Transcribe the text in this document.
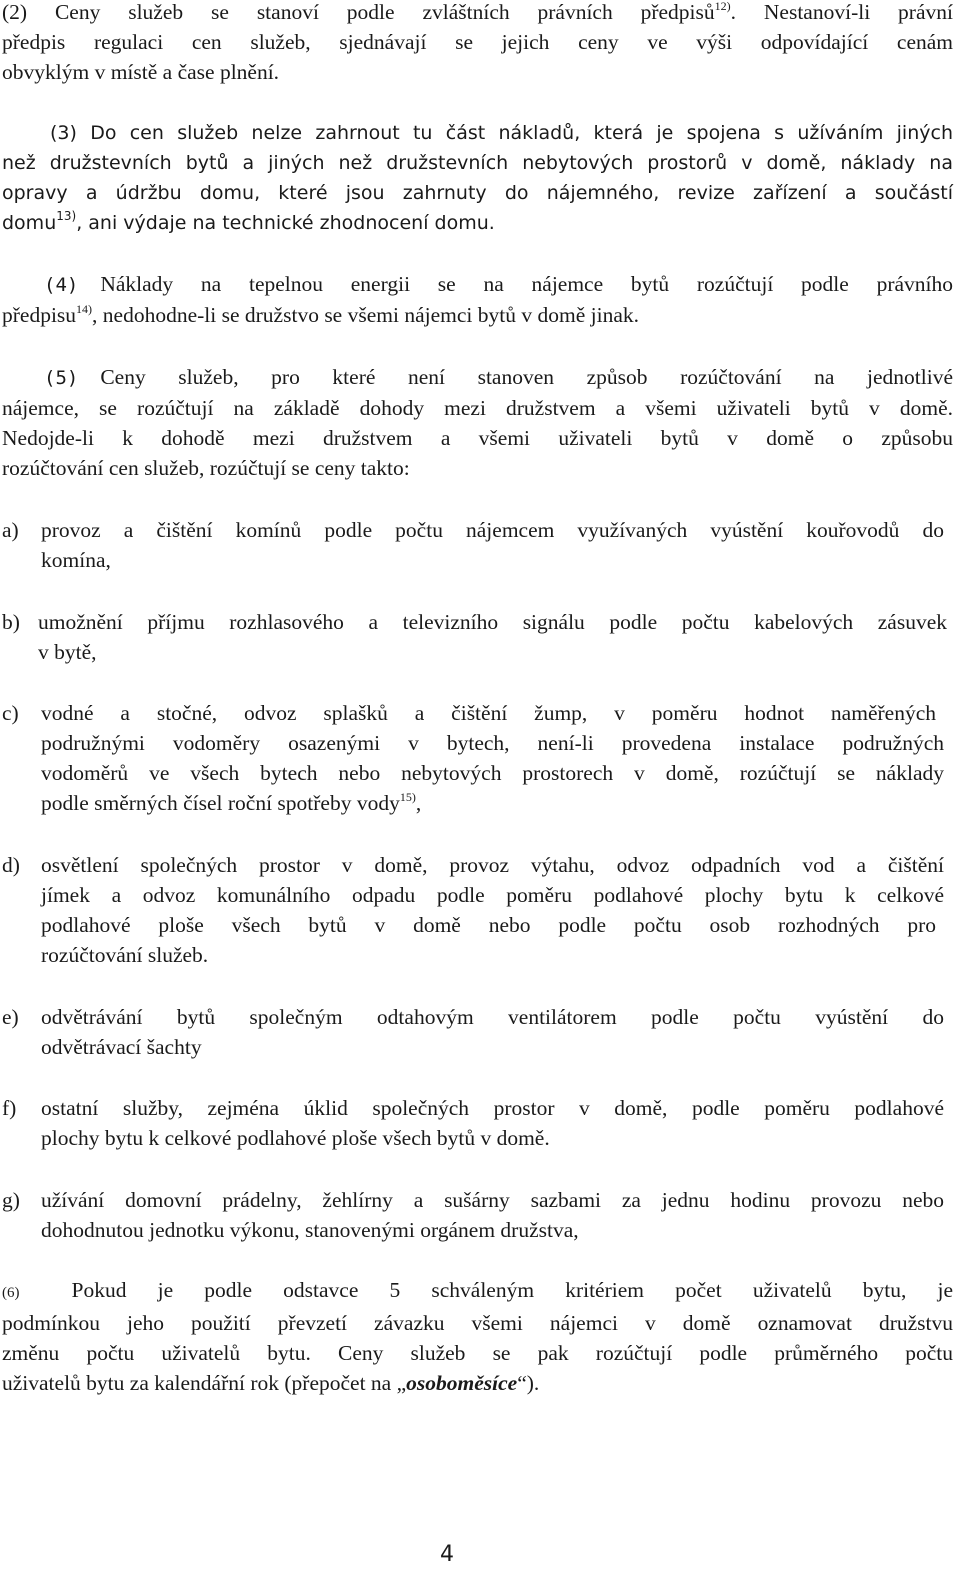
(2) Ceny služeb se stanoví podle zvláštních právních předpisů$^{12)}$. Nestanoví-li právní
předpis regulaci cen služeb, sjednávají se jejich ceny ve výši odpovídající cenám
obvyklým v místě a čase plnění.
(3) Do cen služeb nelze zahrnout tu část nákladů, která je spojena s užíváním jiných
než družstevních bytů a jiných než družstevních nebytových prostorů v domě, náklady na
opravy a údržbu domu, které jsou zahrnuty do nájemného, revize zařízení a součástí
domu$^{13)}$, ani výdaje na technické zhodnocení domu.
(4) Náklady na tepelnou energii se na nájemce bytů rozúčtují podle právního
předpisu$^{14)}$, nedohodne-li se družstvo se všemi nájemci bytů v domě jinak.
(5) Ceny služeb, pro které není stanoven způsob rozúčtování na jednotlivé
nájemce, se rozúčtují na základě dohody mezi družstvem a všemi uživateli bytů v domě.
Nedojde-li k dohodě mezi družstvem a všemi uživateli bytů v domě o způsobu
rozúčtování cen služeb, rozúčtují se ceny takto:
a) provoz a čištění komínů podle počtu nájemcem využívaných vyústění kouřovodů do
komína,
b) umožnění příjmu rozhlasového a televizního signálu podle počtu kabelových zásuvek
v bytě,
c) vodné a stočné, odvoz splašků a čištění žump, v poměru hodnot naměřených
podružnými vodoměry osazenými v bytech, není-li provedena instalace podružných
vodoměrů ve všech bytech nebo nebytových prostorech v domě, rozúčtují se náklady
podle směrných čísel roční spotřeby vody$^{15)}$,
d) osvětlení společných prostor v domě, provoz výtahu, odvoz odpadních vod a čištění
jímek a odvoz komunálního odpadu podle poměru podlahové plochy bytu k celkové
podlahové ploše všech bytů v domě nebo podle počtu osob rozhodných pro
rozúčtování služeb.
e) odvětrávání bytů společným odtahovým ventilátorem podle počtu vyústění do
odvětrávací šachty
f) ostatní služby, zejména úklid společných prostor v domě, podle poměru podlahové
plochy bytu k celkové podlahové ploše všech bytů v domě.
g) užívání domovní prádelny, žehlírny a sušárny sazbami za jednu hodinu provozu nebo
dohodnutou jednotku výkonu, stanovenými orgánem družstva,
(6) Pokud je podle odstavce 5 schváleným kritériem počet uživatelů bytu, je
podmínkou jeho použití převzetí závazku všemi nájemci v domě oznamovat družstvu
změnu počtu uživatelů bytu. Ceny služeb se pak rozúčtují podle průměrného počtu
uživatelů bytu za kalendářní rok (přepočet na „osoboměsíce“).
4
